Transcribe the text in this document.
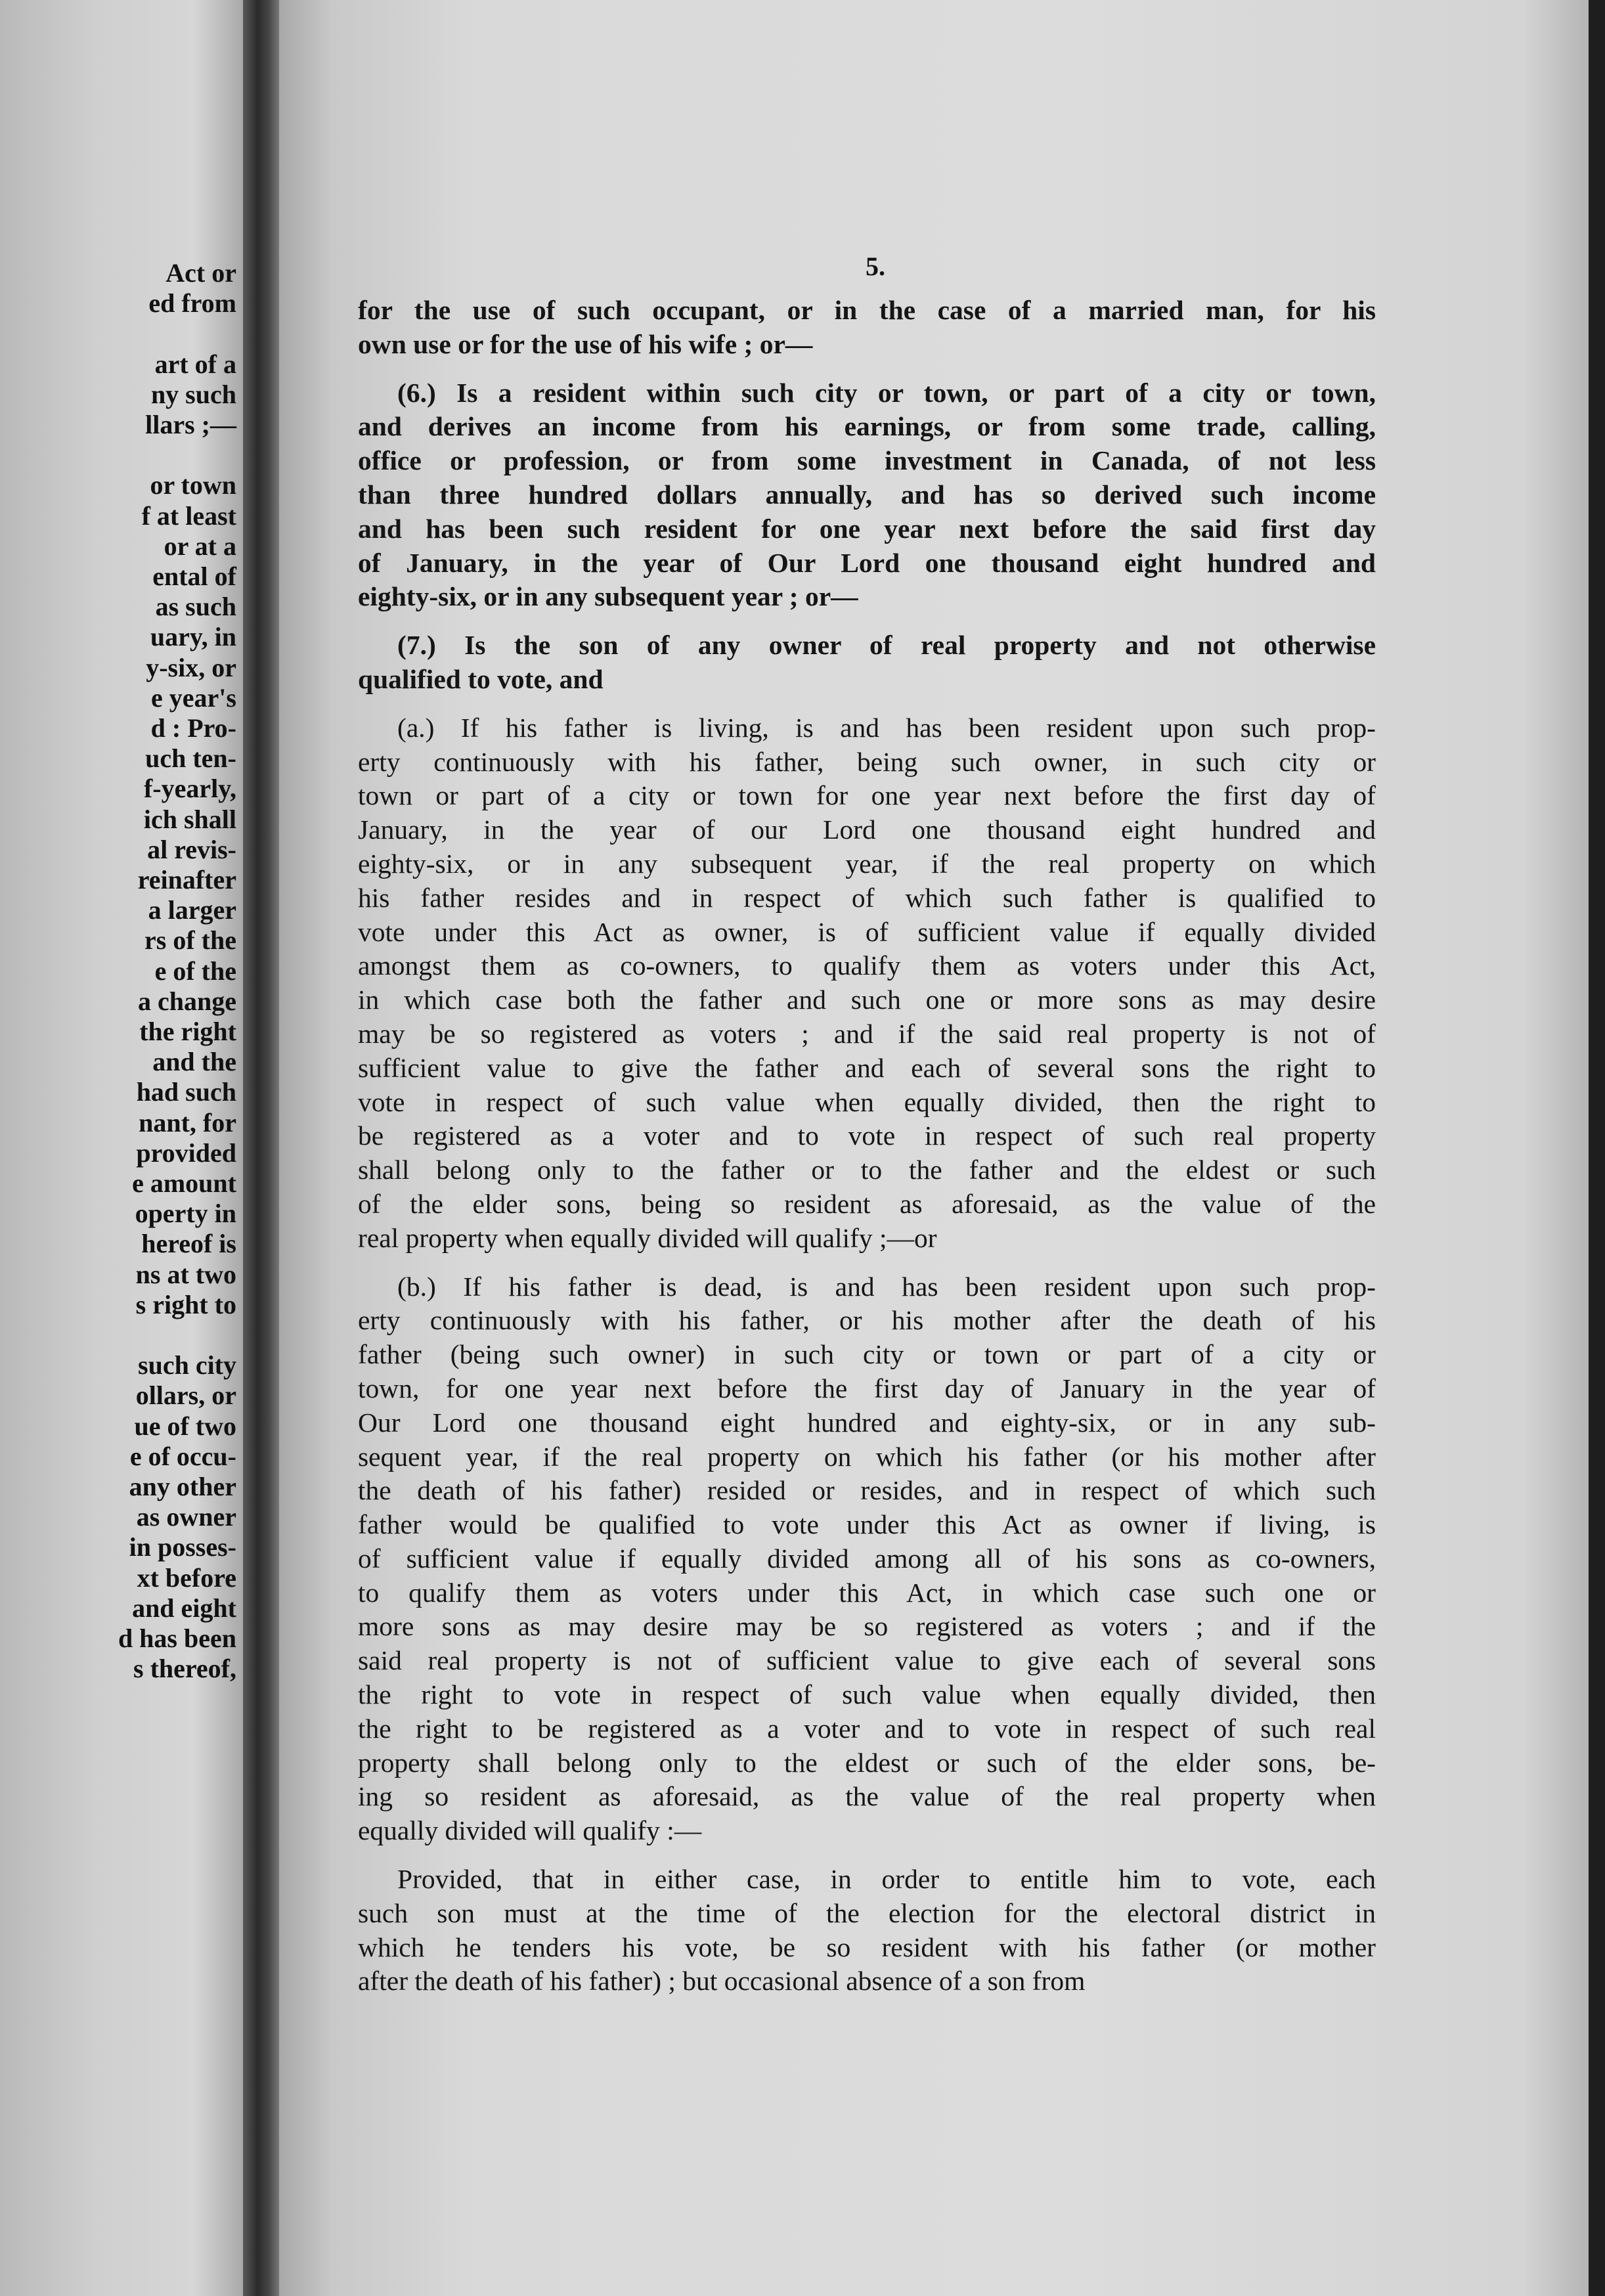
Act or
ed from
art of a
ny such
llars ;—
or town
f at least
or at a
ental of
as such
uary, in
y-six, or
e year's
d : Pro-
uch ten-
f-yearly,
ich shall
al revis-
reinafter
a larger
rs of the
e of the
a change
the right
and the
had such
nant, for
provided
e amount
operty in
hereof is
ns at two
s right to
such city
ollars, or
ue of two
e of occu-
any other
as owner
in posses-
xt before
and eight
d has been
s thereof,
5.

for the use of such occupant, or in the case of a married man, for his

own use or for the use of his wife ; or—

(6.) Is a resident within such city or town, or part of a city or town,

and derives an income from his earnings, or from some trade, calling,

office or profession, or from some investment in Canada, of not less

than three hundred dollars annually, and has so derived such income

and has been such resident for one year next before the said first day

of January, in the year of Our Lord one thousand eight hundred and

eighty-six, or in any subsequent year ; or—

(7.) Is the son of any owner of real property and not otherwise

qualified to vote, and

(a.) If his father is living, is and has been resident upon such prop-

erty continuously with his father, being such owner, in such city or

town or part of a city or town for one year next before the first day of

January, in the year of our Lord one thousand eight hundred and

eighty-six, or in any subsequent year, if the real property on which

his father resides and in respect of which such father is qualified to

vote under this Act as owner, is of sufficient value if equally divided

amongst them as co-owners, to qualify them as voters under this Act,

in which case both the father and such one or more sons as may desire

may be so registered as voters ; and if the said real property is not of

sufficient value to give the father and each of several sons the right to

vote in respect of such value when equally divided, then the right to

be registered as a voter and to vote in respect of such real property

shall belong only to the father or to the father and the eldest or such

of the elder sons, being so resident as aforesaid, as the value of the

real property when equally divided will qualify ;—or

(b.) If his father is dead, is and has been resident upon such prop-

erty continuously with his father, or his mother after the death of his

father (being such owner) in such city or town or part of a city or

town, for one year next before the first day of January in the year of

Our Lord one thousand eight hundred and eighty-six, or in any sub-

sequent year, if the real property on which his father (or his mother after

the death of his father) resided or resides, and in respect of which such

father would be qualified to vote under this Act as owner if living, is

of sufficient value if equally divided among all of his sons as co-owners,

to qualify them as voters under this Act, in which case such one or

more sons as may desire may be so registered as voters ; and if the

said real property is not of sufficient value to give each of several sons

the right to vote in respect of such value when equally divided, then

the right to be registered as a voter and to vote in respect of such real

property shall belong only to the eldest or such of the elder sons, be-

ing so resident as aforesaid, as the value of the real property when

equally divided will qualify :—

Provided, that in either case, in order to entitle him to vote, each

such son must at the time of the election for the electoral district in

which he tenders his vote, be so resident with his father (or mother

after the death of his father) ; but occasional absence of a son from
